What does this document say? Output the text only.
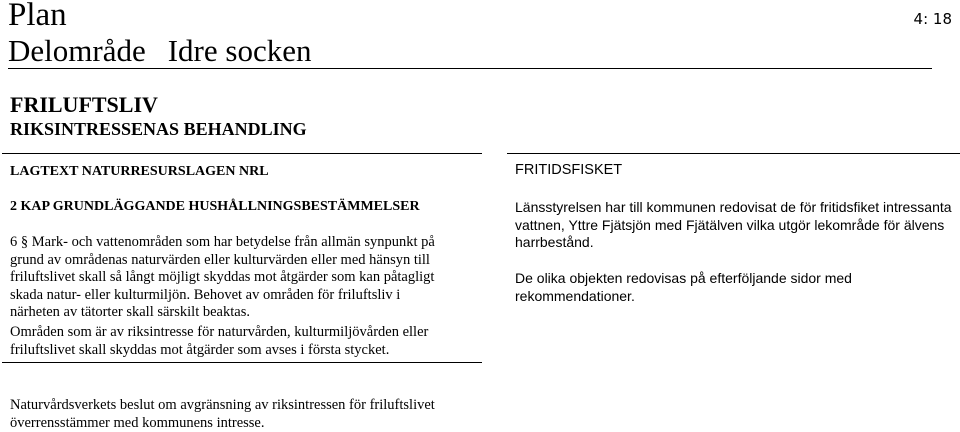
Plan
Delområde Idre socken
4: 18
FRILUFTSLIV
RIKSINTRESSENAS BEHANDLING
LAGTEXT NATURRESURSLAGEN NRL
2 KAP GRUNDLÄGGANDE HUSHÅLLNINGSBESTÄMMELSER
6 § Mark- och vattenområden som har betydelse från allmän synpunkt på
grund av områdenas naturvärden eller kulturvärden eller med hänsyn till
friluftslivet skall så långt möjligt skyddas mot åtgärder som kan påtagligt
skada natur- eller kulturmiljön. Behovet av områden för friluftsliv i
närheten av tätorter skall särskilt beaktas.
Områden som är av riksintresse för naturvården, kulturmiljövården eller
friluftslivet skall skyddas mot åtgärder som avses i första stycket.
FRITIDSFISKET
Länsstyrelsen har till kommunen redovisat de för fritidsfiket intressanta
vattnen, Yttre Fjätsjön med Fjätälven vilka utgör lekområde för älvens
harrbestånd.
De olika objekten redovisas på efterföljande sidor med
rekommendationer.
Naturvårdsverkets beslut om avgränsning av riksintressen för friluftslivet
överrensstämmer med kommunens intresse.
